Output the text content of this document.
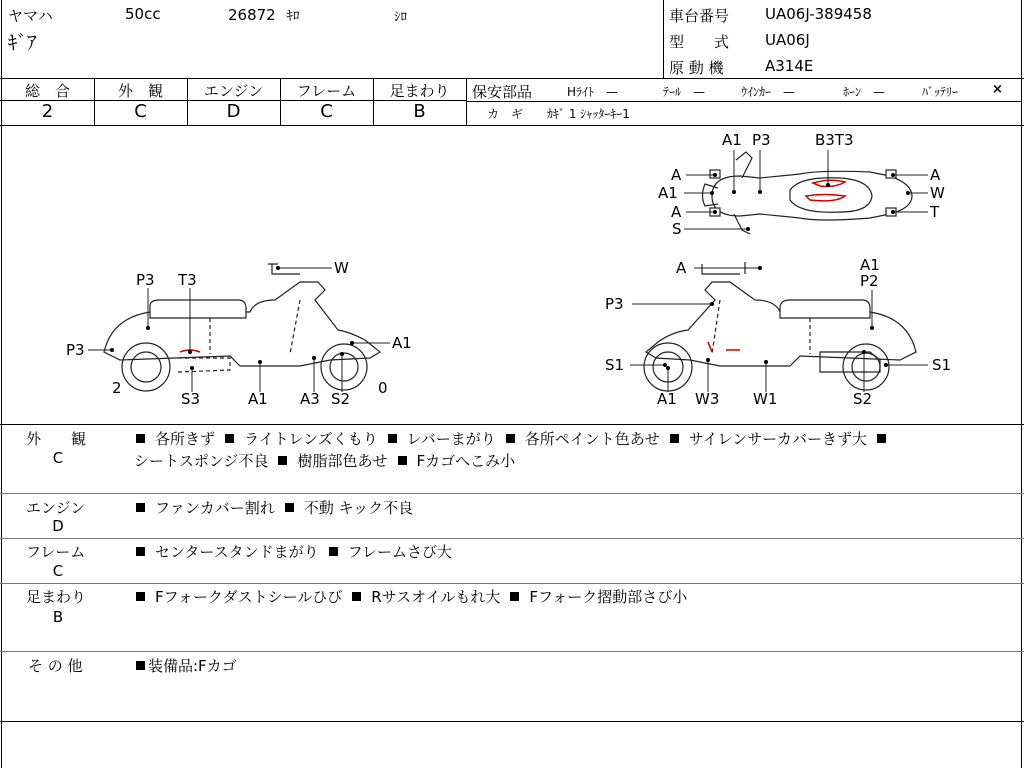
ヤマハ	50cc	26872 ｷﾛ	ｼﾛ
ｷﾞｱ
車台番号 UA06J-389458
型　　式 UA06J
原 動 機	A314E
総　合
2
外　観
C
エンジン
D
フレーム
C
足まわり
B
保安部品	Hﾗｲﾄ　—	ﾃｰﾙ　—	ｳｲﾝｶｰ　—	ﾎｰﾝ　—	ﾊﾞｯﾃﾘｰ	×
カ　ギ　　ｶｷﾞ 1 ｼｬｯﾀｰｷｰ1
A1 P3	B3T3
A
A1
A
S
A
W
T
W
P3 T3
P3	A1
2	0
S3	A1 A3 S2
A	A1
P2
P3
S1	S1
A1 W3 W1	S2
外　　観
C
各所きず ライトレンズくもり レバーまがり 各所ペイント色あせ サイレンサーカバーきず大
シートスポンジ不良 樹脂部色あせ Fカゴへこみ小
エンジン
D
ファンカバー割れ 不動 キック不良
フレーム
C
センタースタンドまがり フレームさび大
足まわり
B
Fフォークダストシールひび Rサスオイルもれ大 Fフォーク摺動部さび小
そ の 他	装備品:Fカゴ
